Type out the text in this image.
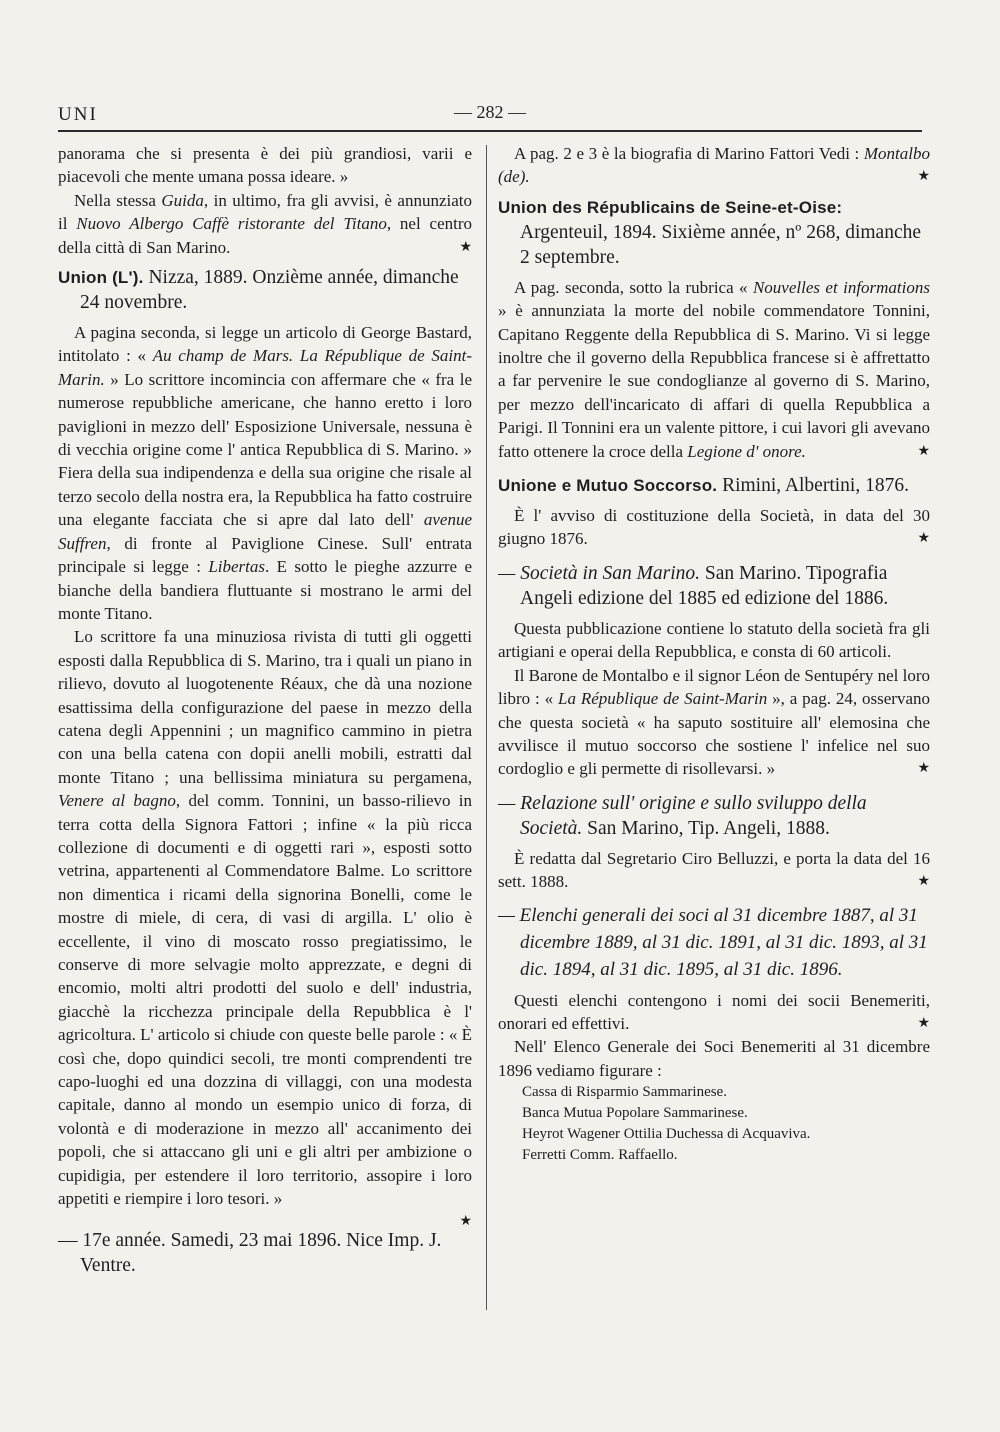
UNI	— 282 —

panorama che si presenta è dei più grandiosi, varii e piacevoli che mente umana possa ideare. »

Nella stessa Guida, in ultimo, fra gli avvisi, è annunziato il Nuovo Albergo Caffè ristorante del Titano, nel centro della città di San Marino.	★

Union (L'). Nizza, 1889. Onzième année, dimanche 24 novembre.

A pagina seconda, si legge un articolo di George Bastard, intitolato : « Au champ de Mars. La République de Saint-Marin. » Lo scrittore incomincia con affermare che « fra le numerose repubbliche americane, che hanno eretto i loro paviglioni in mezzo dell' Esposizione Universale, nessuna è di vecchia origine come l' antica Repubblica di S. Marino. » Fiera della sua indipendenza e della sua origine che risale al terzo secolo della nostra era, la Repubblica ha fatto costruire una elegante facciata che si apre dal lato dell' avenue Suffren, di fronte al Paviglione Cinese. Sull' entrata principale si legge : Libertas. E sotto le pieghe azzurre e bianche della bandiera fluttuante si mostrano le armi del monte Titano.

Lo scrittore fa una minuziosa rivista di tutti gli oggetti esposti dalla Repubblica di S. Marino, tra i quali un piano in rilievo, dovuto al luogotenente Réaux, che dà una nozione esattissima della configurazione del paese in mezzo della catena degli Appennini ; un magnifico cammino in pietra con una bella catena con dopii anelli mobili, estratti dal monte Titano ; una bellissima miniatura su pergamena, Venere al bagno, del comm. Tonnini, un basso-rilievo in terra cotta della Signora Fattori ; infine « la più ricca collezione di documenti e di oggetti rari », esposti sotto vetrina, appartenenti al Commendatore Balme. Lo scrittore non dimentica i ricami della signorina Bonelli, come le mostre di miele, di cera, di vasi di argilla. L' olio è eccellente, il vino di moscato rosso pregiatissimo, le conserve di more selvagie molto apprezzate, e degni di encomio, molti altri prodotti del suolo e dell' industria, giacchè la ricchezza principale della Repubblica è l' agricoltura. L' articolo si chiude con queste belle parole : « È così che, dopo quindici secoli, tre monti comprendenti tre capo-luoghi ed una dozzina di villaggi, con una modesta capitale, danno al mondo un esempio unico di forza, di volontà e di moderazione in mezzo all' accanimento dei popoli, che si attaccano gli uni e gli altri per ambizione o cupidigia, per estendere il loro territorio, assopire i loro appetiti e riempire i loro tesori. »

★

— 17e année. Samedi, 23 mai 1896. Nice Imp. J. Ventre.

A pag. 2 e 3 è la biografia di Marino Fattori Vedi : Montalbo (de).	★

Union des Républicains de Seine-et-Oise: Argenteuil, 1894. Sixième année, nº 268, dimanche 2 septembre.

A pag. seconda, sotto la rubrica « Nouvelles et informations » è annunziata la morte del nobile commendatore Tonnini, Capitano Reggente della Repubblica di S. Marino. Vi si legge inoltre che il governo della Repubblica francese si è affrettatto a far pervenire le sue condoglianze al governo di S. Marino, per mezzo dell'incaricato di affari di quella Repubblica a Parigi. Il Tonnini era un valente pittore, i cui lavori gli avevano fatto ottenere la croce della Legione d' onore.	★

Unione e Mutuo Soccorso. Rimini, Albertini, 1876.

È l' avviso di costituzione della Società, in data del 30 giugno 1876.	★

— Società in San Marino. San Marino. Tipografia Angeli edizione del 1885 ed edizione del 1886.

Questa pubblicazione contiene lo statuto della società fra gli artigiani e operai della Repubblica, e consta di 60 articoli.

Il Barone de Montalbo e il signor Léon de Sentupéry nel loro libro : « La République de Saint-Marin », a pag. 24, osservano che questa società « ha saputo sostituire all' elemosina che avvilisce il mutuo soccorso che sostiene l' infelice nel suo cordoglio e gli permette di risollevarsi. »	★

— Relazione sull' origine e sullo sviluppo della Società. San Marino, Tip. Angeli, 1888.

È redatta dal Segretario Ciro Belluzzi, e porta la data del 16 sett. 1888.	★

— Elenchi generali dei soci al 31 dicembre 1887, al 31 dicembre 1889, al 31 dic. 1891, al 31 dic. 1893, al 31 dic. 1894, al 31 dic. 1895, al 31 dic. 1896.

Questi elenchi contengono i nomi dei socii Benemeriti, onorari ed effettivi.	★

Nell' Elenco Generale dei Soci Benemeriti al 31 dicembre 1896 vediamo figurare :

Cassa di Risparmio Sammarinese.

Banca Mutua Popolare Sammarinese.

Heyrot Wagener Ottilia Duchessa di Acquaviva.

Ferretti Comm. Raffaello.
